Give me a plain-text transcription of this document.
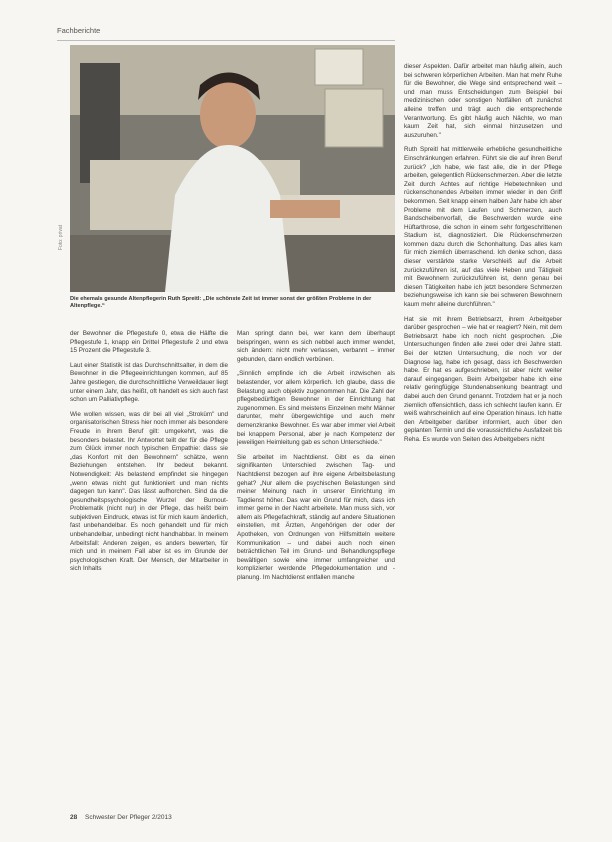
Fachberichte
Foto: privat
Die ehemals gesunde Altenpflegerin Ruth Spreitl: „Die schönste Zeit ist immer sonst der größten Probleme in der Altenpflege.“

der Bewohner die Pflegestufe 0, etwa die Hälfte die Pflegestufe 1, knapp ein Drittel Pflegestufe 2 und etwa 15 Prozent die Pflegestufe 3.

Laut einer Statistik ist das Durchschnittsalter, in dem die Bewohner in die Pflegeeinrichtungen kommen, auf 85 Jahre gestiegen, die durchschnittliche Verweildauer liegt unter einem Jahr, das heißt, oft handelt es sich auch fast schon um Palliativpflege.

Wie wollen wissen, was dir bei all viel „Stroküm" und organisatorischen Stress hier noch immer als besondere Freude in ihrem Beruf gilt: umgekehrt, was die besonders belastet. Ihr Antwortet teilt der für die Pflege zum Glück immer noch typischen Empathie: dass sie „das Konfort mit den Bewohnern" schätze, wenn Beziehungen entstehen. Ihr bedeut bekannt. Notwendigkeit: Als belastend empfindet sie hingegen „wenn etwas nicht gut funktioniert und man nichts dagegen tun kann". Das lässt aufhorchen. Sind da die gesundheitspsychologische Wurzel der Burnout-Problematik (nicht nur) in der Pflege, das heißt beim subjektiven Eindruck, etwas ist für mich kaum änderlich, fast unbehandelbar. Es noch gehandelt und für mich unbehandelbar, unbedingt nicht handhabbar. In meinem Arbeitsfall: Anderen zeigen, es anders bewerten, für mich und in meinem Fall aber ist es im Grunde der psychologischen Kraft. Der Mensch, der Mitarbeiter in sich Inhalts

Man springt dann bei, wer kann dem überhaupt beispringen, wenn es sich nebbel auch immer wendet, sich ändern: nicht mehr verlassen, verbannt – immer gebunden, dann endlich verbünen.

„Sinnlich empfinde ich die Arbeit inzwischen als belastender, vor allem körperlich. Ich glaube, dass die Belastung auch objektiv zugenommen hat. Die Zahl der pflegebedürftigen Bewohner in der Einrichtung hat zugenommen. Es sind meistens Einzelnen mehr Männer darunter, mehr übergewichtige und auch mehr demenzkranke Bewohner. Es war aber immer viel Arbeit bei knappem Personal, aber je nach Kompetenz der jeweiligen Heimleitung gab es schon Unterschiede."

Sie arbeitet im Nachtdienst. Gibt es da einen signifikanten Unterschied zwischen Tag- und Nachtdienst bezogen auf ihre eigene Arbeitsbelastung gehat? „Nur allem die psychischen Belastungen sind meiner Meinung nach in unserer Einrichtung im Tagdienst höher. Das war ein Grund für mich, dass ich immer gerne in der Nacht arbeitete. Man muss sich, vor allem als Pflegefachkraft, ständig auf andere Situationen einstellen, mit Ärzten, Angehörigen der oder der Apotheken, von Ordnungen von Hilfsmitteln weitere Kommunikation – und dabei auch noch einen beträchtlichen Teil im Grund- und Behandlungspflege bewältigen sowie eine immer umfangreicher und komplizierter werdende Pflegedokumentation und -planung. Im Nachtdienst entfallen manche

dieser Aspekten. Dafür arbeitet man häufig allein, auch bei schweren körperlichen Arbeiten. Man hat mehr Ruhe für die Bewohner, die Wege sind entsprechend weit – und man muss Entscheidungen zum Beispiel bei medizinischen oder sonstigen Notfällen oft zunächst alleine treffen und trägt auch die entsprechende Verantwortung. Es gibt häufig auch Nächte, wo man kaum Zeit hat, sich einmal hinzusetzen und auszuruhen."

Ruth Spreitl hat mittlerweile erhebliche gesundheitliche Einschränkungen erfahren. Führt sie die auf ihren Beruf zurück? „Ich habe, wie fast alle, die in der Pflege arbeiten, gelegentlich Rückenschmerzen. Aber die letzte Zeit durch Achtes auf richtige Hebetechniken und rückenschonendes Arbeiten immer wieder in den Griff bekommen. Seit knapp einem halben Jahr habe ich aber Probleme mit dem Laufen und Schmerzen, auch Bandscheibenvorfall, die Beschwerden wurde eine Hüftarthrose, die schon in einem sehr fortgeschrittenen Stadium ist, diagnostiziert. Die Rückenschmerzen kommen dazu durch die Schonhaltung. Das alles kam für mich ziemlich überraschend. Ich denke schon, dass dieser verstärkte starke Verschleiß auf die Arbeit zurückzuführen ist, auf das viele Heben und Tätigkeit mit Bewohnern zurückzuführen ist, denn genau bei diesen Tätigkeiten habe ich jetzt besondere Schmerzen beziehungsweise ich kann sie bei schweren Bewohnern kaum mehr alleine durchführen."

Hat sie mit ihrem Betriebsarzt, ihrem Arbeitgeber darüber gesprochen – wie hat er reagiert? Nein, mit dem Betriebsarzt habe ich noch nicht gesprochen. „Die Untersuchungen finden alle zwei oder drei Jahre statt. Bei der letzten Untersuchung, die noch vor der Diagnose lag, habe ich gesagt, dass ich Beschwerden habe. Er hat es aufgeschrieben, ist aber nicht weiter darauf eingegangen. Beim Arbeitgeber habe ich eine relativ geringfügige Stundenabsenkung beantragt und dabei auch den Grund genannt. Trotzdem hat er ja noch ziemlich offensichtlich, dass ich schlecht laufen kann. Er weiß wahrscheinlich auf eine Operation hinaus. Ich hatte den Arbeitgeber darüber informiert, auch über den geplanten Termin und die voraussichtliche Ausfallzeit bis Reha. Es wurde von Seiten des Arbeitgebers nicht

28 Schwester Der Pfleger 2/2013
